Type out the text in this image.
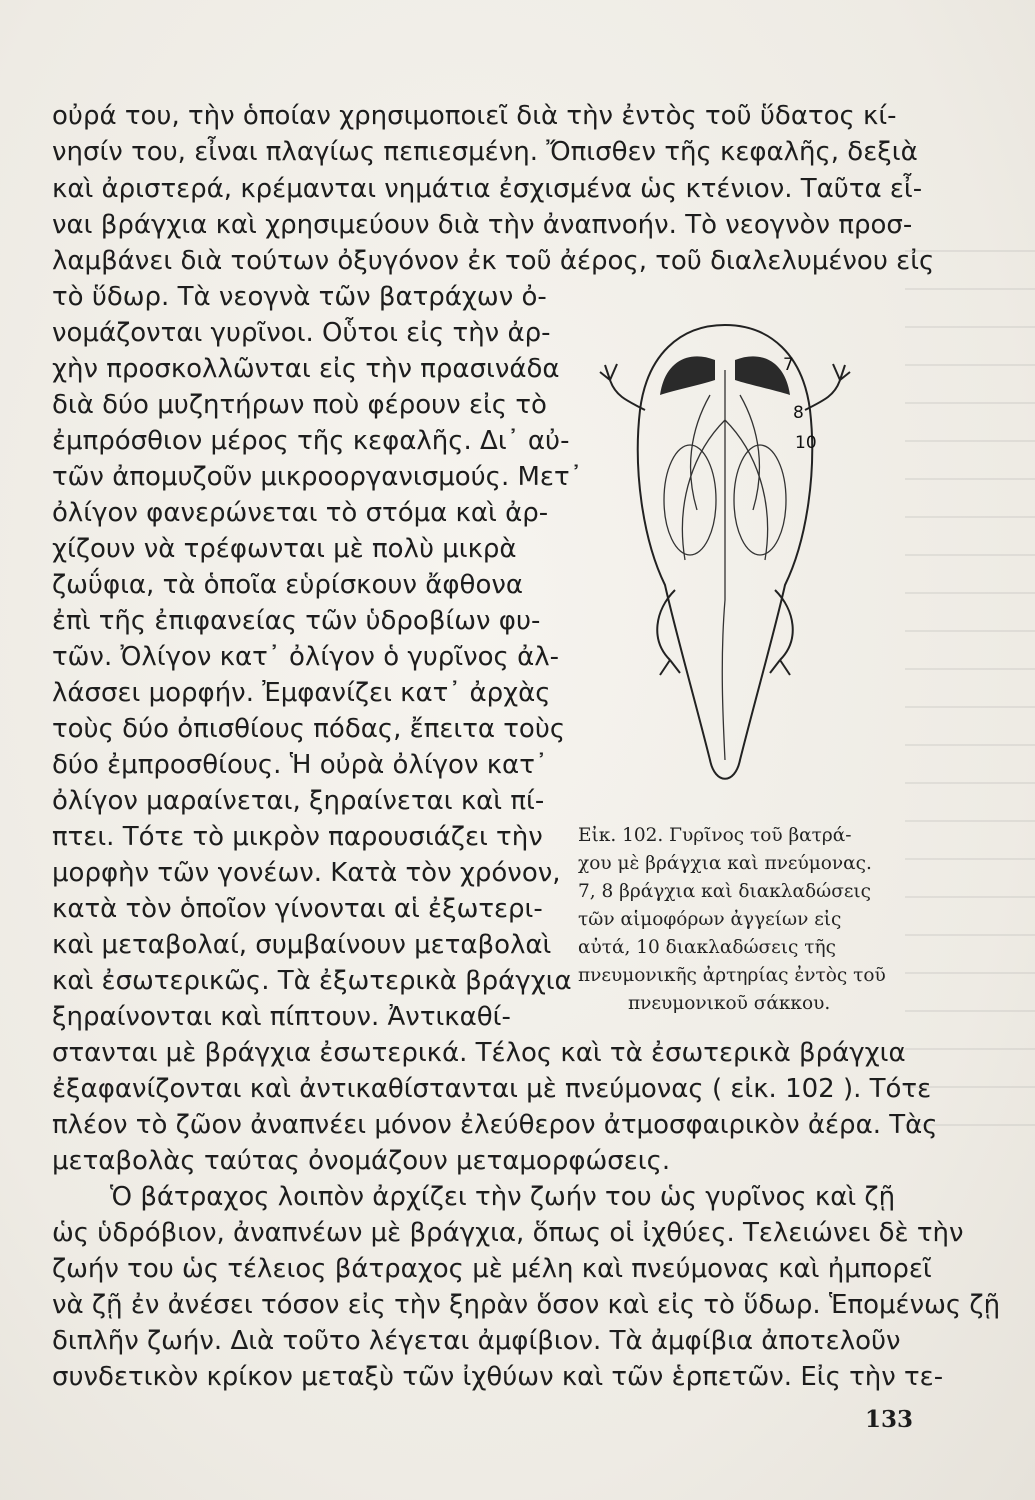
οὐρά του, τὴν ὁποίαν χρησιμοποιεῖ διὰ τὴν ἐντὸς τοῦ ὕδατος κί-
νησίν του, εἶναι πλαγίως πεπιεσμένη. Ὄπισθεν τῆς κεφαλῆς, δεξιὰ
καὶ ἀριστερά, κρέμανται νημάτια ἐσχισμένα ὡς κτένιον. Ταῦτα εἶ-
ναι βράγχια καὶ χρησιμεύουν διὰ τὴν ἀναπνοήν. Τὸ νεογνὸν προσ-
λαμβάνει διὰ τούτων ὀξυγόνον ἐκ τοῦ ἀέρος, τοῦ διαλελυμένου εἰς
τὸ ὕδωρ. Τὰ νεογνὰ τῶν βατράχων ὀ-
νομάζονται γυρῖνοι. Οὗτοι εἰς τὴν ἀρ-
χὴν προσκολλῶνται εἰς τὴν πρασινάδα
διὰ δύο μυζητήρων ποὺ φέρουν εἰς τὸ
ἐμπρόσθιον μέρος τῆς κεφαλῆς. Δι᾽ αὐ-
τῶν ἀπομυζοῦν μικροοργανισμούς. Μετ᾽
ὀλίγον φανερώνεται τὸ στόμα καὶ ἀρ-
χίζουν νὰ τρέφωνται μὲ πολὺ μικρὰ
ζωΰφια, τὰ ὁποῖα εὑρίσκουν ἄφθονα
ἐπὶ τῆς ἐπιφανείας τῶν ὑδροβίων φυ-
τῶν. Ὀλίγον κατ᾽ ὀλίγον ὁ γυρῖνος ἀλ-
λάσσει μορφήν. Ἐμφανίζει κατ᾽ ἀρχὰς
τοὺς δύο ὀπισθίους πόδας, ἔπειτα τοὺς
δύο ἐμπροσθίους. Ἡ οὐρὰ ὀλίγον κατ᾽
ὀλίγον μαραίνεται, ξηραίνεται καὶ πί-
πτει. Τότε τὸ μικρὸν παρουσιάζει τὴν
μορφὴν τῶν γονέων. Κατὰ τὸν χρόνον,
κατὰ τὸν ὁποῖον γίνονται αἱ ἐξωτερι-
καὶ μεταβολαί, συμβαίνουν μεταβολαὶ
καὶ ἐσωτερικῶς. Τὰ ἐξωτερικὰ βράγχια
ξηραίνονται καὶ πίπτουν. Ἀντικαθί-
στανται μὲ βράγχια ἐσωτερικά. Τέλος καὶ τὰ ἐσωτερικὰ βράγχια
ἐξαφανίζονται καὶ ἀντικαθίστανται μὲ πνεύμονας ( εἰκ. 102 ). Τότε
πλέον τὸ ζῶον ἀναπνέει μόνον ἐλεύθερον ἀτμοσφαιρικὸν ἀέρα. Τὰς
μεταβολὰς ταύτας ὀνομάζουν μεταμορφώσεις.
Ὁ βάτραχος λοιπὸν ἀρχίζει τὴν ζωήν του ὡς γυρῖνος καὶ ζῇ
ὡς ὑδρόβιον, ἀναπνέων μὲ βράγχια, ὅπως οἱ ἰχθύες. Τελειώνει δὲ τὴν
ζωήν του ὡς τέλειος βάτραχος μὲ μέλη καὶ πνεύμονας καὶ ἠμπορεῖ
νὰ ζῇ ἐν ἀνέσει τόσον εἰς τὴν ξηρὰν ὅσον καὶ εἰς τὸ ὕδωρ. Ἑπομένως ζῇ
διπλῆν ζωήν. Διὰ τοῦτο λέγεται ἀμφίβιον. Τὰ ἀμφίβια ἀποτελοῦν
συνδετικὸν κρίκον μεταξὺ τῶν ἰχθύων καὶ τῶν ἑρπετῶν. Εἰς τὴν τε-
7
8
10
Εἰκ. 102. Γυρῖνος τοῦ βατρά-
χου μὲ βράγχια καὶ πνεύμονας.
7, 8 βράγχια καὶ διακλαδώσεις
τῶν αἱμοφόρων ἀγγείων εἰς
αὐτά, 10 διακλαδώσεις τῆς
πνευμονικῆς ἀρτηρίας ἐντὸς τοῦ
πνευμονικοῦ σάκκου.
133
